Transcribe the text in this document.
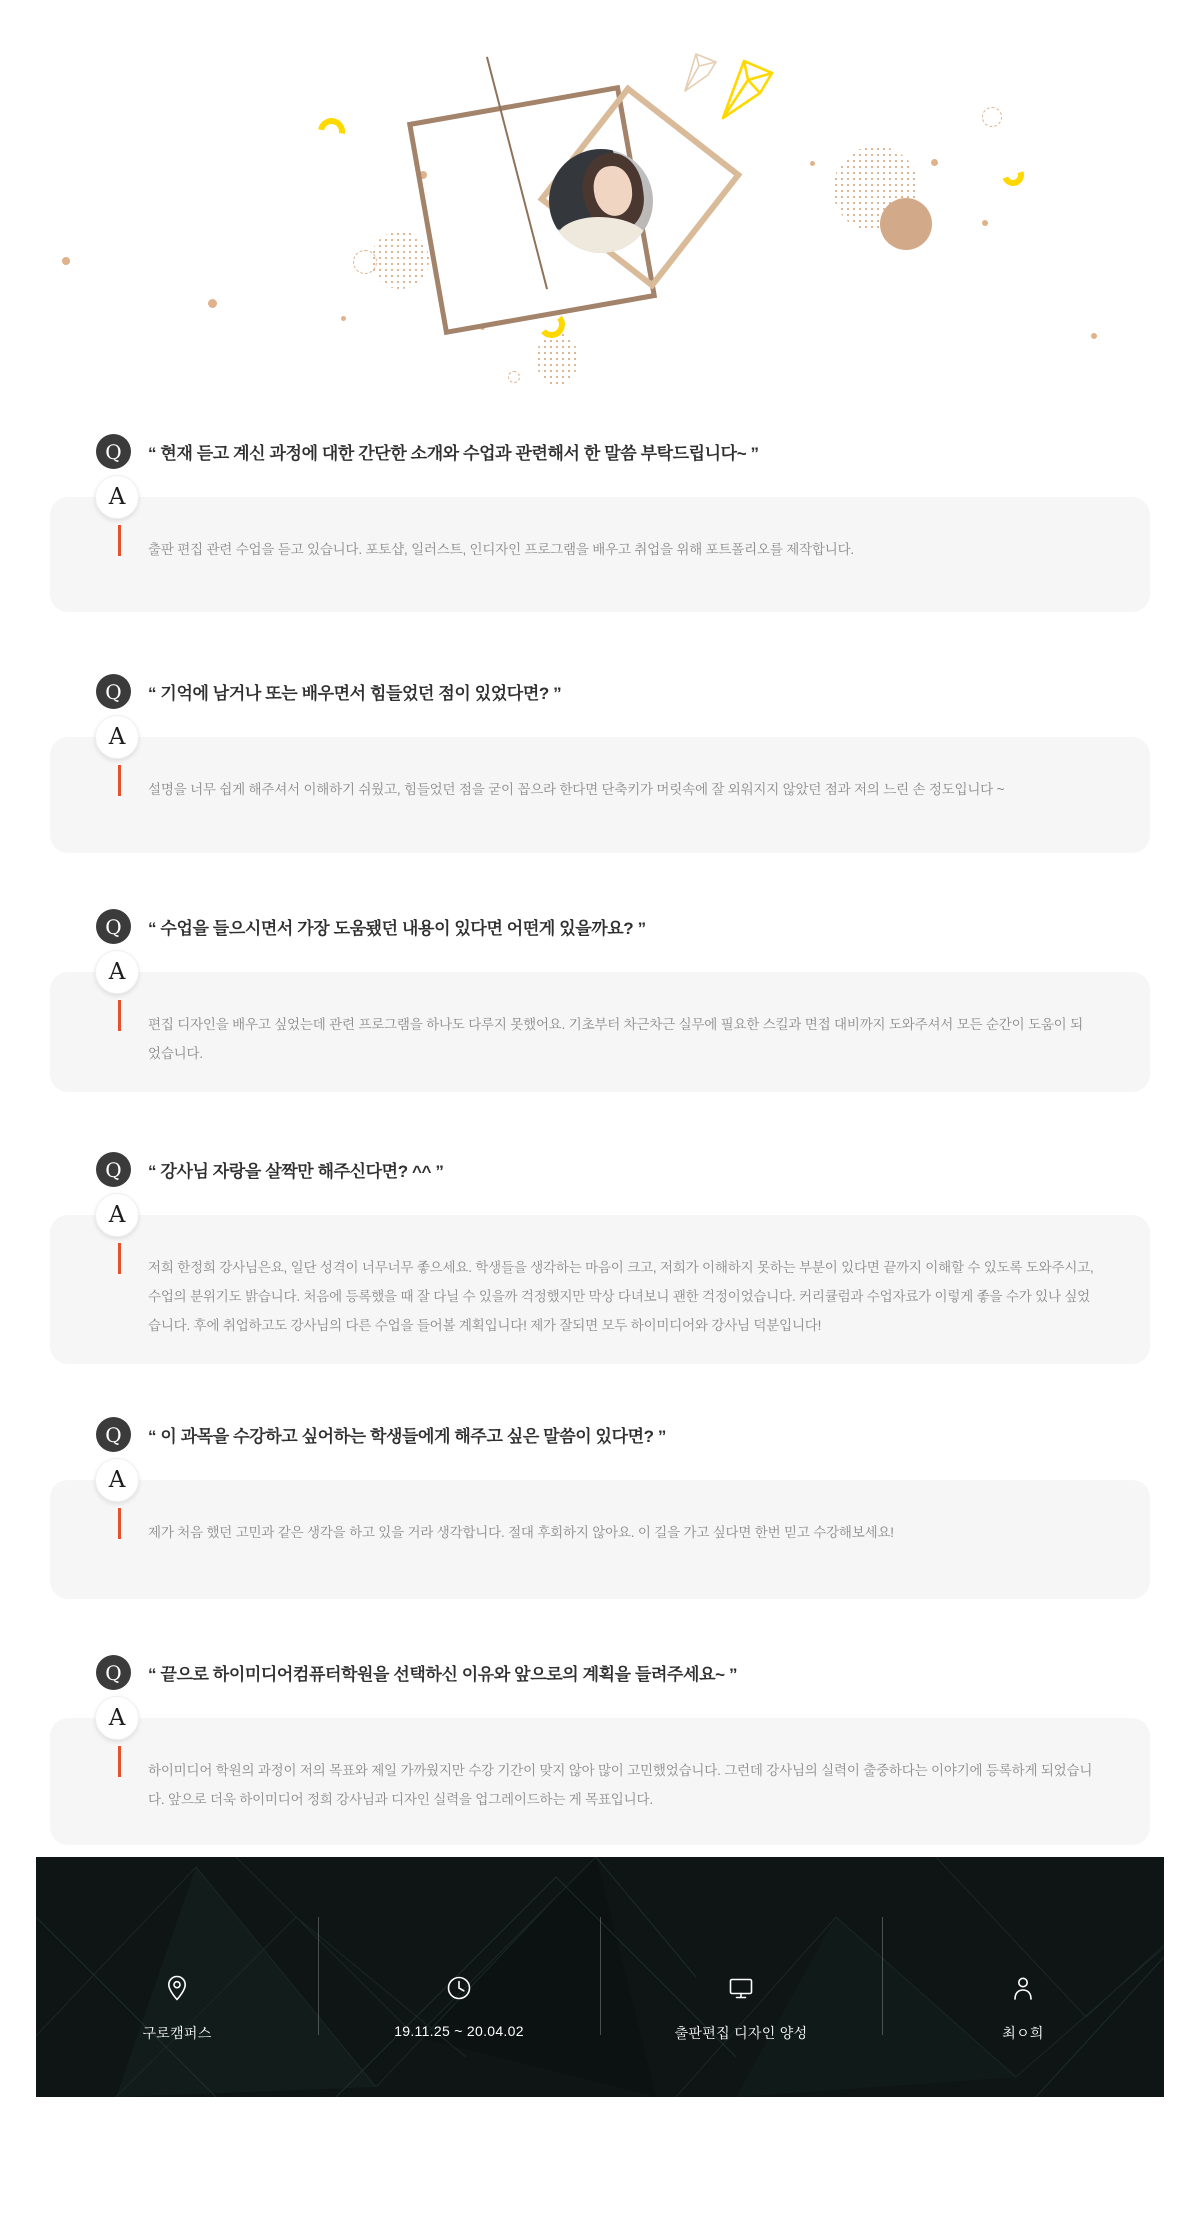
Q	“ 현재 듣고 계신 과정에 대한 간단한 소개와 수업과 관련해서 한 말씀 부탁드립니다~ ”
A
출판 편집 관련 수업을 듣고 있습니다. 포토샵, 일러스트, 인디자인 프로그램을 배우고 취업을 위해 포트폴리오를 제작합니다.
Q	“ 기억에 남거나 또는 배우면서 힘들었던 점이 있었다면? ”
A
설명을 너무 쉽게 해주셔서 이해하기 쉬웠고, 힘들었던 점을 굳이 꼽으라 한다면 단축키가 머릿속에 잘 외워지지 않았던 점과 저의 느린 손 정도입니다 ~
Q	“ 수업을 들으시면서 가장 도움됐던 내용이 있다면 어떤게 있을까요? ”
A
편집 디자인을 배우고 싶었는데 관련 프로그램을 하나도 다루지 못했어요. 기초부터 차근차근 실무에 필요한 스킬과 면접 대비까지 도와주셔서 모든 순간이 도움이 되었습니다.
Q	“ 강사님 자랑을 살짝만 해주신다면? ^^ ”
A
저희 한정희 강사님은요, 일단 성격이 너무너무 좋으세요. 학생들을 생각하는 마음이 크고, 저희가 이해하지 못하는 부분이 있다면 끝까지 이해할 수 있도록 도와주시고, 수업의 분위기도 밝습니다. 처음에 등록했을 때 잘 다닐 수 있을까 걱정했지만 막상 다녀보니 괜한 걱정이었습니다. 커리큘럼과 수업자료가 이렇게 좋을 수가 있나 싶었습니다. 후에 취업하고도 강사님의 다른 수업을 들어볼 계획입니다! 제가 잘되면 모두 하이미디어와 강사님 덕분입니다!
Q	“ 이 과목을 수강하고 싶어하는 학생들에게 해주고 싶은 말씀이 있다면? ”
A
제가 처음 했던 고민과 같은 생각을 하고 있을 거라 생각합니다. 절대 후회하지 않아요. 이 길을 가고 싶다면 한번 믿고 수강해보세요!
Q	“ 끝으로 하이미디어컴퓨터학원을 선택하신 이유와 앞으로의 계획을 들려주세요~ ”
A
하이미디어 학원의 과정이 저의 목표와 제일 가까웠지만 수강 기간이 맞지 않아 많이 고민했었습니다. 그런데 강사님의 실력이 출중하다는 이야기에 등록하게 되었습니다. 앞으로 더욱 하이미디어 정희 강사님과 디자인 실력을 업그레이드하는 게 목표입니다.
구로캠퍼스	19.11.25 ~ 20.04.02	출판편집 디자인 양성	최ㅇ희
